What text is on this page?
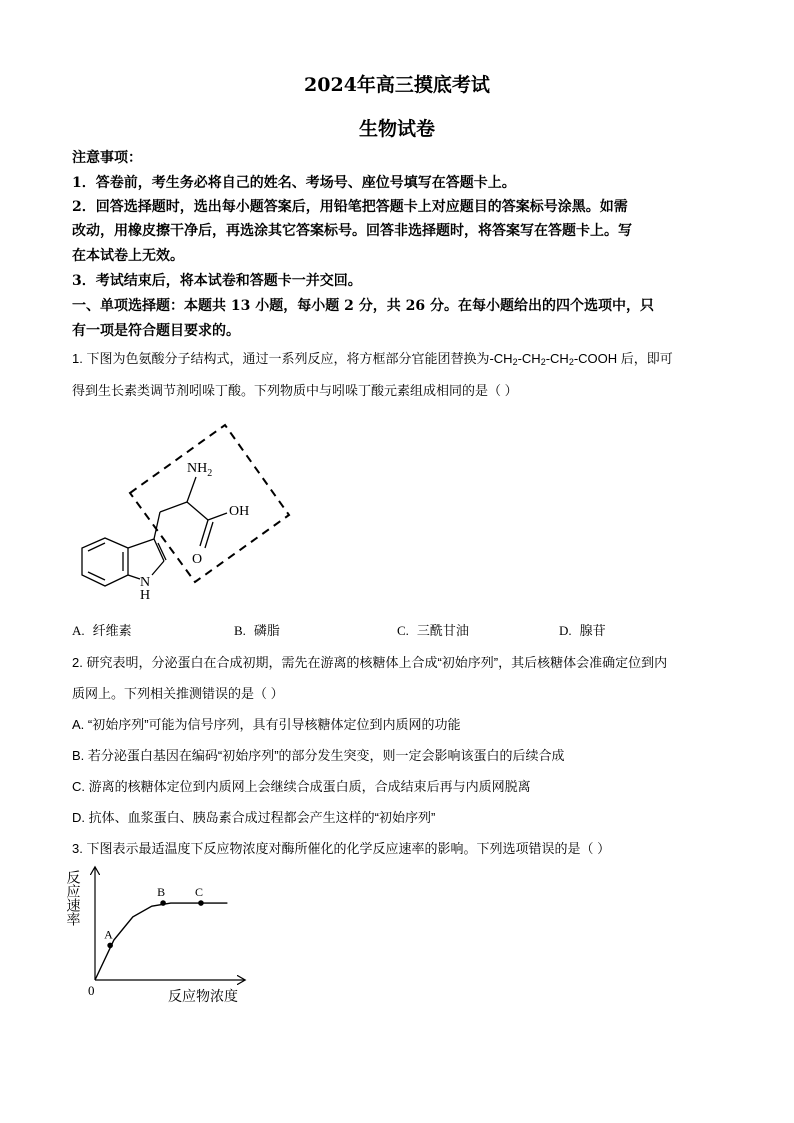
2024年高三摸底考试
生物试卷
注意事项：
1．答卷前，考生务必将自己的姓名、考场号、座位号填写在答题卡上。
2．回答选择题时，选出每小题答案后，用铅笔把答题卡上对应题目的答案标号涂黑。如需
改动，用橡皮擦干净后，再选涂其它答案标号。回答非选择题时，将答案写在答题卡上。写
在本试卷上无效。
3．考试结束后，将本试卷和答题卡一并交回。
一、单项选择题：本题共 13 小题，每小题 2 分，共 26 分。在每小题给出的四个选项中，只
有一项是符合题目要求的。
1. 下图为色氨酸分子结构式，通过一系列反应，将方框部分官能团替换为$-CH_2-CH_2-CH_2$-COOH 后，即可
得到生长素类调节剂吲哚丁酸。下列物质中与吲哚丁酸元素组成相同的是（ ）
$NH_2$
OH
O
N
H
A. 纤维素	B. 磷脂	C. 三酰甘油	D. 腺苷
2. 研究表明，分泌蛋白在合成初期，需先在游离的核糖体上合成“初始序列”，其后核糖体会准确定位到内
质网上。下列相关推测错误的是（ ）
A. “初始序列”可能为信号序列，具有引导核糖体定位到内质网的功能
B. 若分泌蛋白基因在编码“初始序列”的部分发生突变，则一定会影响该蛋白的后续合成
C. 游离的核糖体定位到内质网上会继续合成蛋白质，合成结束后再与内质网脱离
D. 抗体、血浆蛋白、胰岛素合成过程都会产生这样的“初始序列”
3. 下图表示最适温度下反应物浓度对酶所催化的化学反应速率的影响。下列选项错误的是（ ）
0	反应物浓度
反应速率
A
B C
